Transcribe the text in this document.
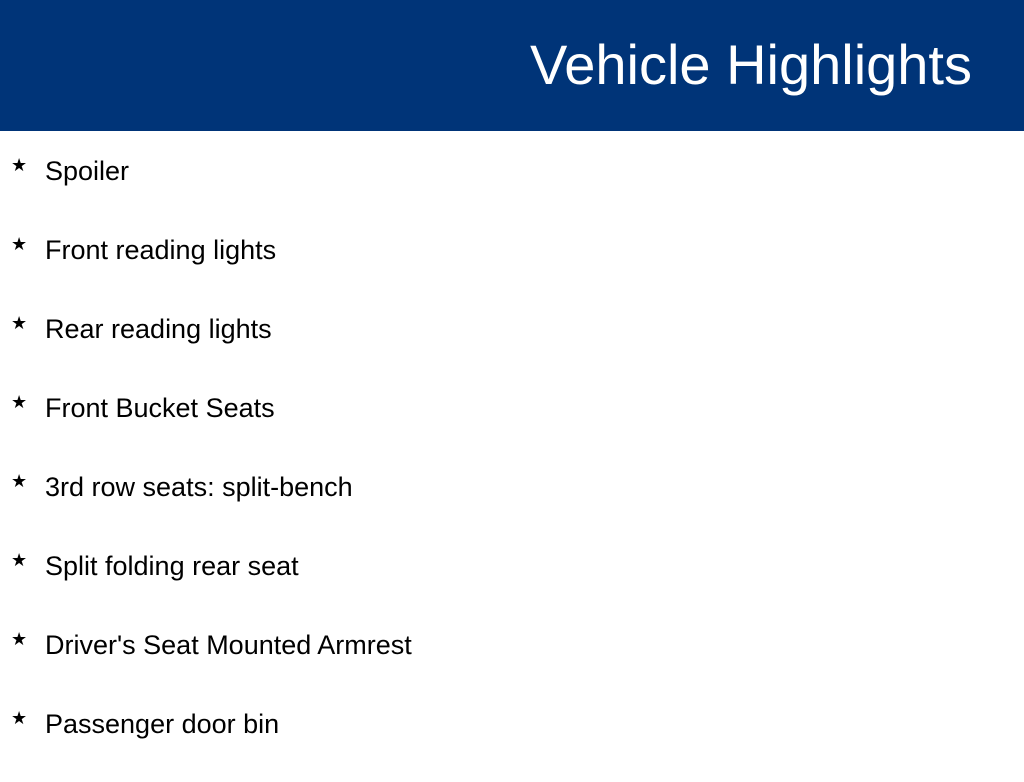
Vehicle Highlights
★ Spoiler
★ Front reading lights
★ Rear reading lights
★ Front Bucket Seats
★ 3rd row seats: split-bench
★ Split folding rear seat
★ Driver's Seat Mounted Armrest
★ Passenger door bin
